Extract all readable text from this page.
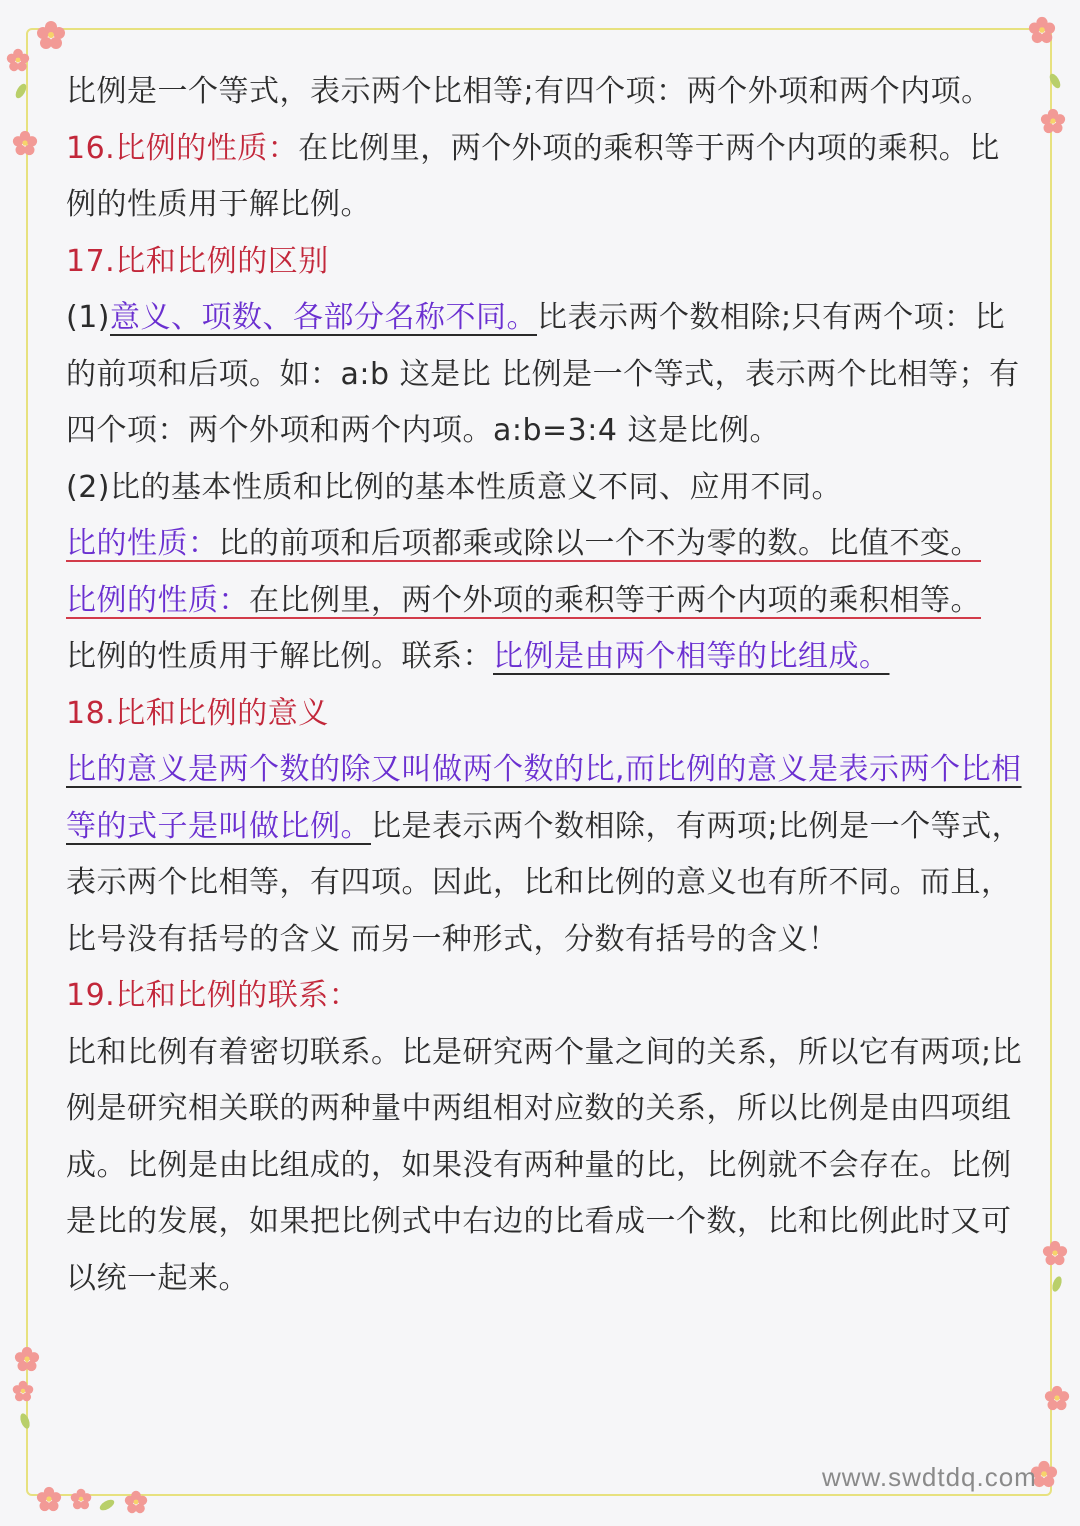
比例是一个等式，表示两个比相等;有四个项：两个外项和两个内项。

16.比例的性质：在比例里，两个外项的乘积等于两个内项的乘积。比例的性质用于解比例。

17.比和比例的区别

(1)意义、项数、各部分名称不同。比表示两个数相除;只有两个项：比的前项和后项。如：a:b 这是比 比例是一个等式，表示两个比相等；有四个项：两个外项和两个内项。a:b=3:4 这是比例。

(2)比的基本性质和比例的基本性质意义不同、应用不同。

比的性质：比的前项和后项都乘或除以一个不为零的数。比值不变。

比例的性质：在比例里，两个外项的乘积等于两个内项的乘积相等。

比例的性质用于解比例。联系：比例是由两个相等的比组成。

18.比和比例的意义

比的意义是两个数的除又叫做两个数的比,而比例的意义是表示两个比相等的式子是叫做比例。比是表示两个数相除，有两项;比例是一个等式，表示两个比相等，有四项。因此，比和比例的意义也有所不同。而且，比号没有括号的含义 而另一种形式，分数有括号的含义！

19.比和比例的联系：

比和比例有着密切联系。比是研究两个量之间的关系，所以它有两项;比例是研究相关联的两种量中两组相对应数的关系，所以比例是由四项组成。比例是由比组成的，如果没有两种量的比，比例就不会存在。比例是比的发展，如果把比例式中右边的比看成一个数，比和比例此时又可以统一起来。

www.swdtdq.com
